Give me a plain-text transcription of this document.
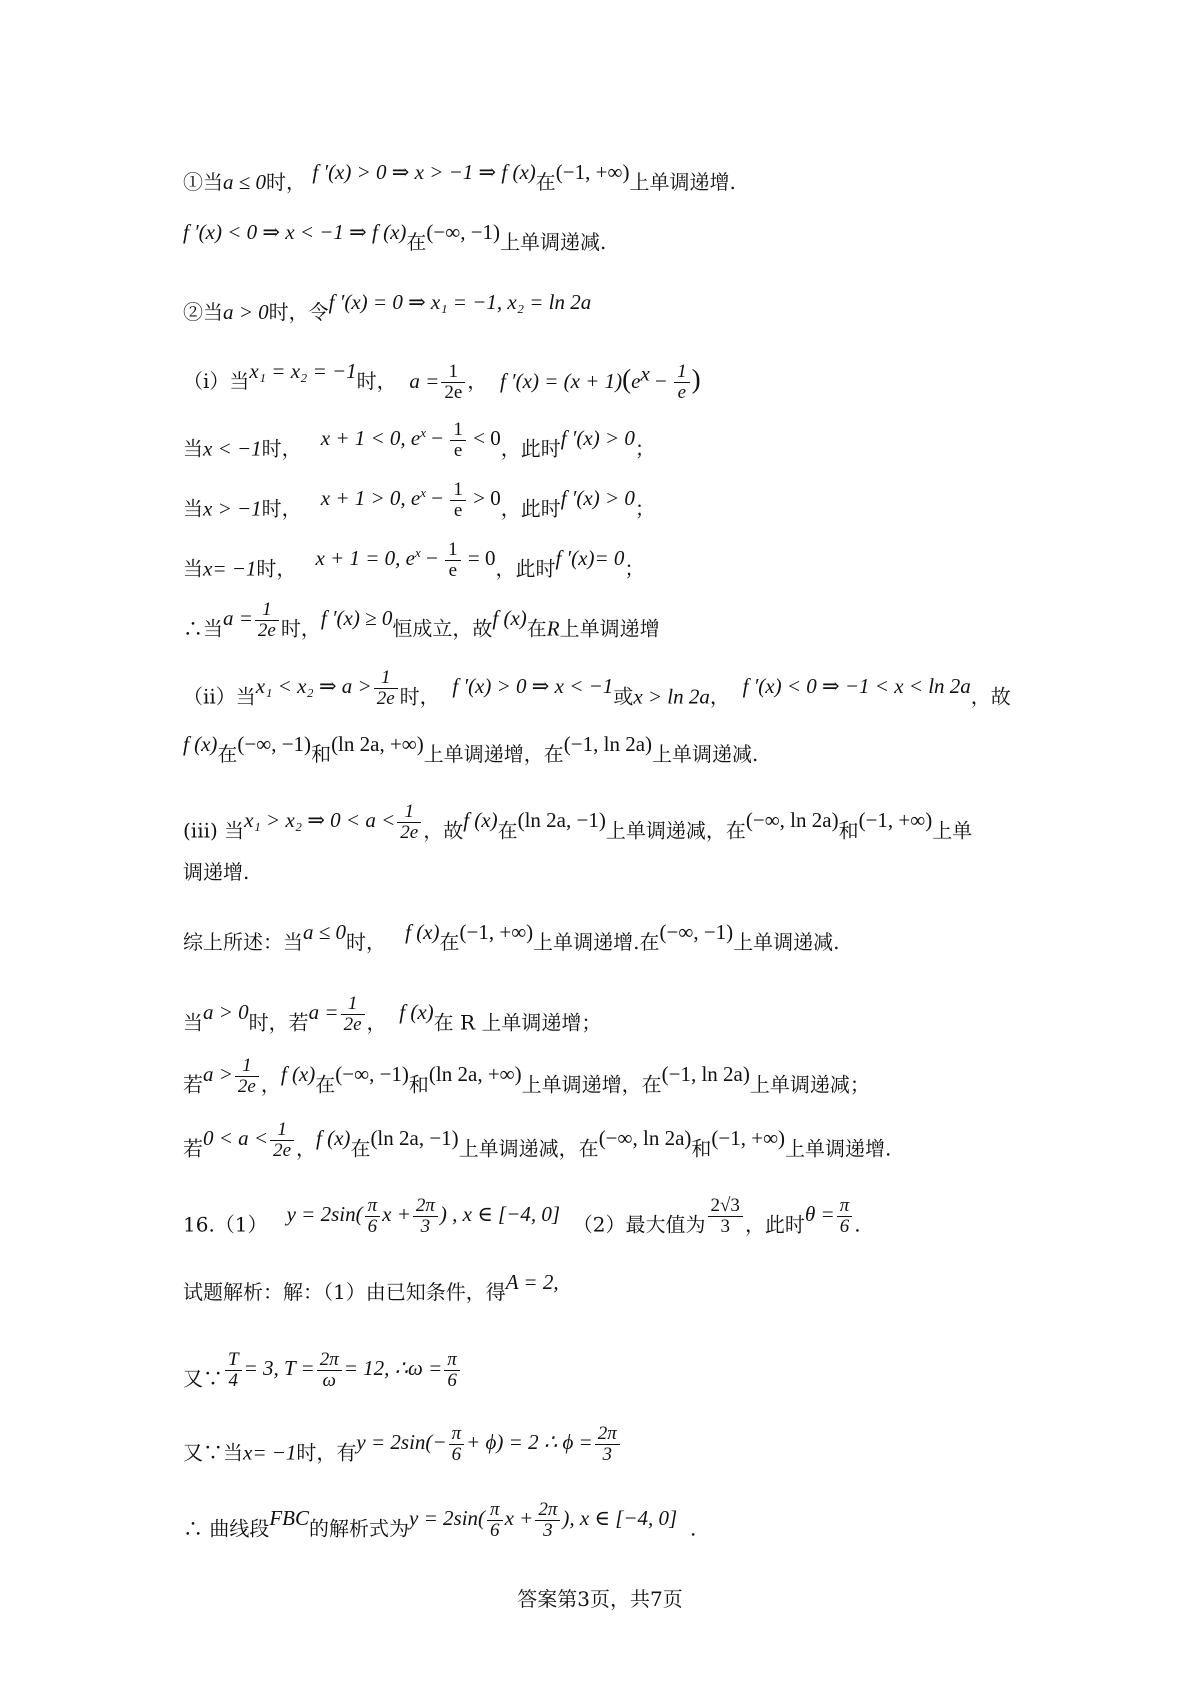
①当a ≤ 0时， f ′(x) > 0 ⇒ x > −1 ⇒ f (x)在(−1, +∞)上单调递增.
f ′(x) < 0 ⇒ x < −1 ⇒ f (x)在(−∞, −1)上单调递减.
②当a > 0时，令f ′(x) = 0 ⇒ x₁ = −1, x₂ = ln 2a
（i）当x₁ = x₂ = −1时， $a = \frac{1}{2e}$ ， f $'(x) = (x + 1)(e^x - \frac{1}{e}$ )
当x < −1时， x + 1 < 0, $e^x - \frac{1}{e} < 0$，此时f ′(x) > 0；
当x > −1时， x + 1 > 0, $e^x - \frac{1}{e} > 0$，此时f ′(x) > 0；
当x= −1时， x + 1 = 0, $e^x - \frac{1}{e} = 0$，此时f ′(x)= 0；
∴当$a = \frac{1}{2e}$ 时，f ′(x) ≥ 0恒成立，故f (x)在R上单调递增
（ii）当x₁ < x₂ ⇒ $a > \frac{1}{2e}$ 时， f ′(x) > 0 ⇒ x < −1或x > ln 2a， f ′(x) < 0 ⇒ −1 < x < ln 2a，故
f (x)在(−∞, −1)和(ln 2a, +∞)上单调递增，在(−1, ln 2a)上单调递减.
(iii) 当x₁ > x₂ ⇒ $0 < a < \frac{1}{2e}$ ，故f (x)在(ln 2a, −1)上单调递减，在(−∞, ln 2a)和(−1, +∞)上单
调递增.
综上所述：当a ≤ 0时， f (x)在(−1, +∞)上单调递增.在(−∞, −1)上单调递减.
当a > 0时，若$a = \frac{1}{2e}$ ， f (x)在 R 上单调递增；
若$a > \frac{1}{2e}$ ，f (x)在(−∞, −1)和(ln 2a, +∞)上单调递增，在(−1, ln 2a)上单调递减；
若$0 < a < \frac{1}{2e}$ ，f (x)在(ln 2a, −1)上单调递减，在(−∞, ln 2a)和(−1, +∞)上单调递增.
16.（1） $y = 2\sin( \frac{\pi}{6}$ $x + \frac{2\pi}{3}$ ) , x ∈ [−4, 0] （2）最大值为 $\frac{2√3}{3}$ ，此时$\theta = \frac{\pi}{6}$ .
试题解析：解：（1）由已知条件，得A = 2,
又∵ $\frac{T}{4} = 3$, $T = \frac{2\pi}{\omega} = 12$, ∴ω = $\frac{\pi}{6}$
又∵当x= −1时，有$y = 2\sin(- \frac{\pi}{6} + \phi) = 2$ ∴ $\phi = \frac{2\pi}{3}$
∴ 曲线段FBC的解析式为$y = 2\sin( \frac{\pi}{6}$ $x + \frac{2\pi}{3}$ ), x ∈ [−4, 0] .
答案第3页，共7页
